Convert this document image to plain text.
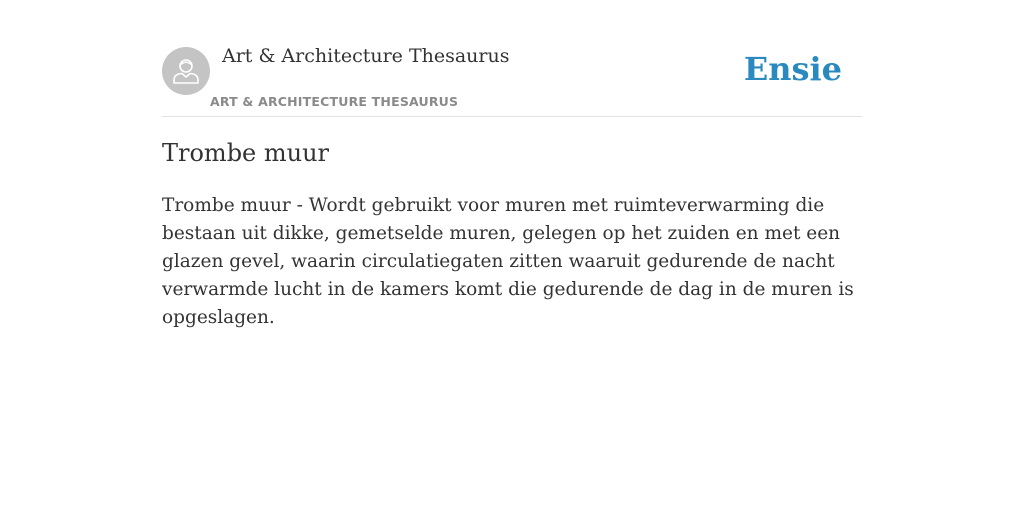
Art & Architecture Thesaurus
ART & ARCHITECTURE THESAURUS
Ensie
Trombe muur

Trombe muur - Wordt gebruikt voor muren met ruimteverwarming die bestaan uit dikke, gemetselde muren, gelegen op het zuiden en met een glazen gevel, waarin circulatiegaten zitten waaruit gedurende de nacht verwarmde lucht in de kamers komt die gedurende de dag in de muren is opgeslagen.
